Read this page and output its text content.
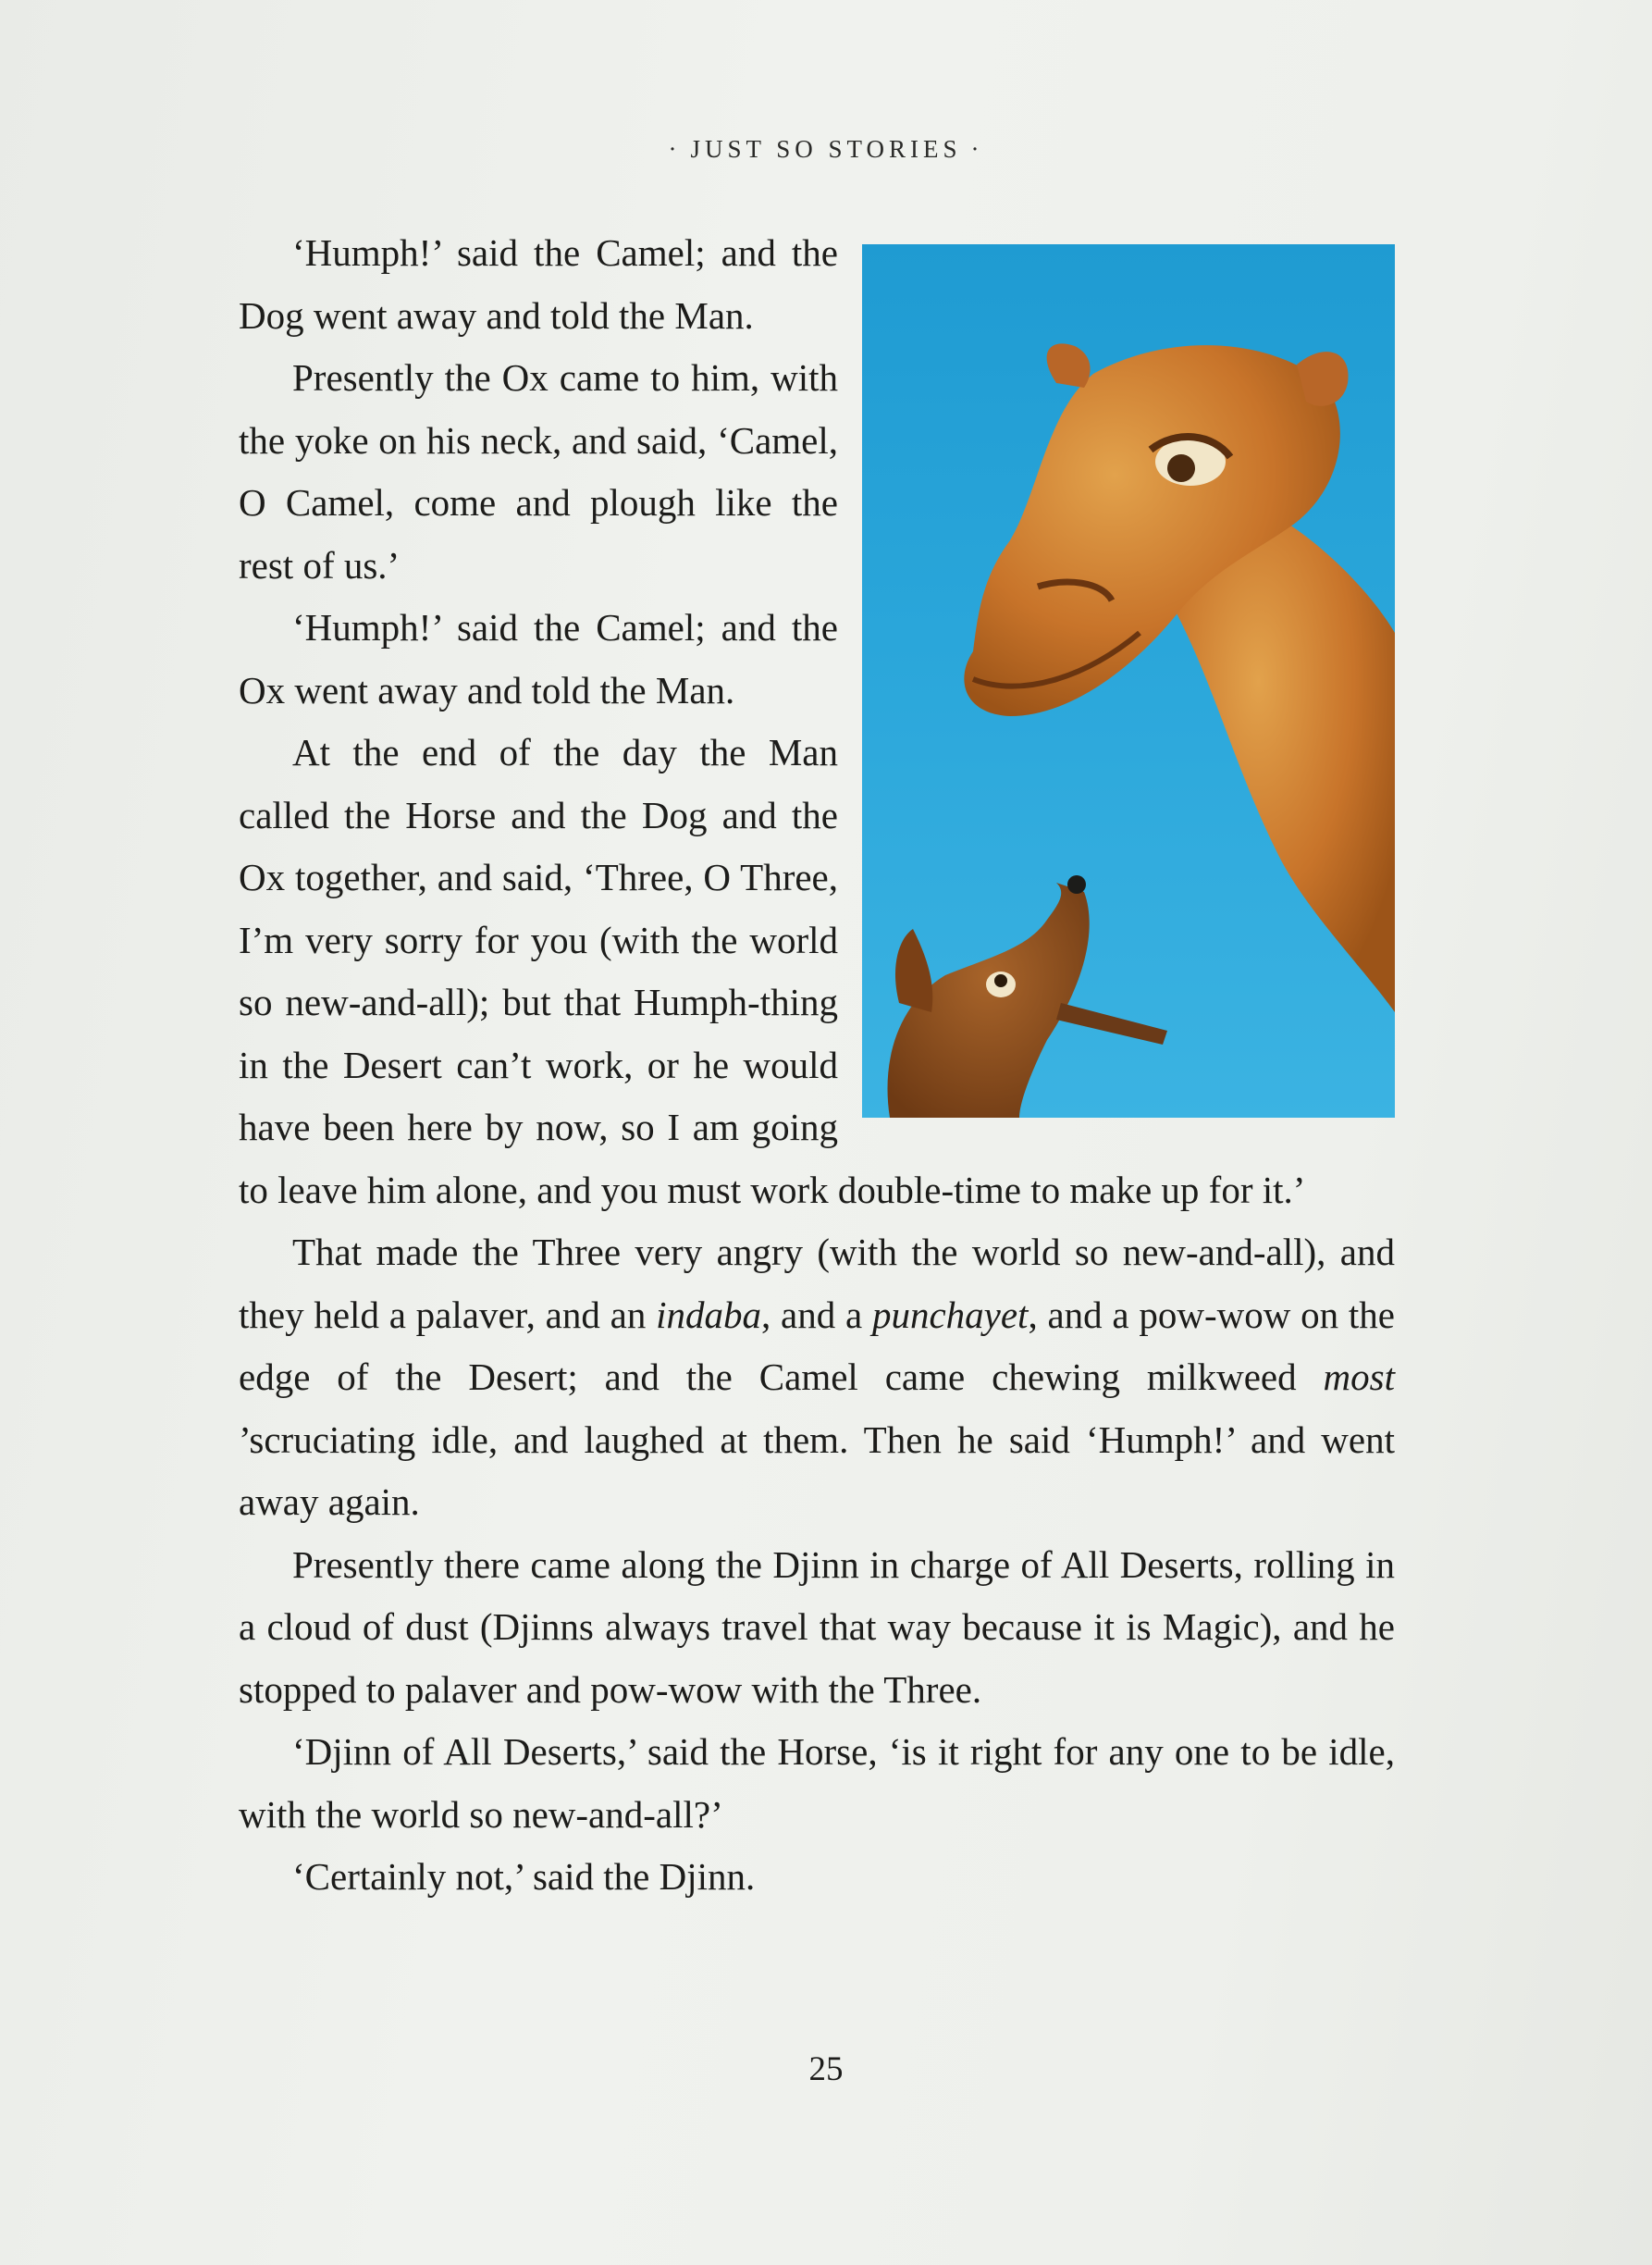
· JUST SO STORIES ·

‘Humph!’ said the Camel; and the Dog went away and told the Man.

Presently the Ox came to him, with the yoke on his neck, and said, ‘Camel, O Camel, come and plough like the rest of us.’

‘Humph!’ said the Camel; and the Ox went away and told the Man.

At the end of the day the Man called the Horse and the Dog and the Ox together, and said, ‘Three, O Three, I’m very sorry for you (with the world so new-and-all); but that Humph-thing in the Desert can’t work, or he would have been here by now, so I am going to leave him alone, and you must work double-time to make up for it.’

That made the Three very angry (with the world so new-and-all), and they held a palaver, and an indaba, and a punchayet, and a pow-wow on the edge of the Desert; and the Camel came chewing milkweed most ’scruciating idle, and laughed at them. Then he said ‘Humph!’ and went away again.

Presently there came along the Djinn in charge of All Deserts, rolling in a cloud of dust (Djinns always travel that way because it is Magic), and he stopped to palaver and pow-wow with the Three.

‘Djinn of All Deserts,’ said the Horse, ‘is it right for any one to be idle, with the world so new-and-all?’

‘Certainly not,’ said the Djinn.

25
